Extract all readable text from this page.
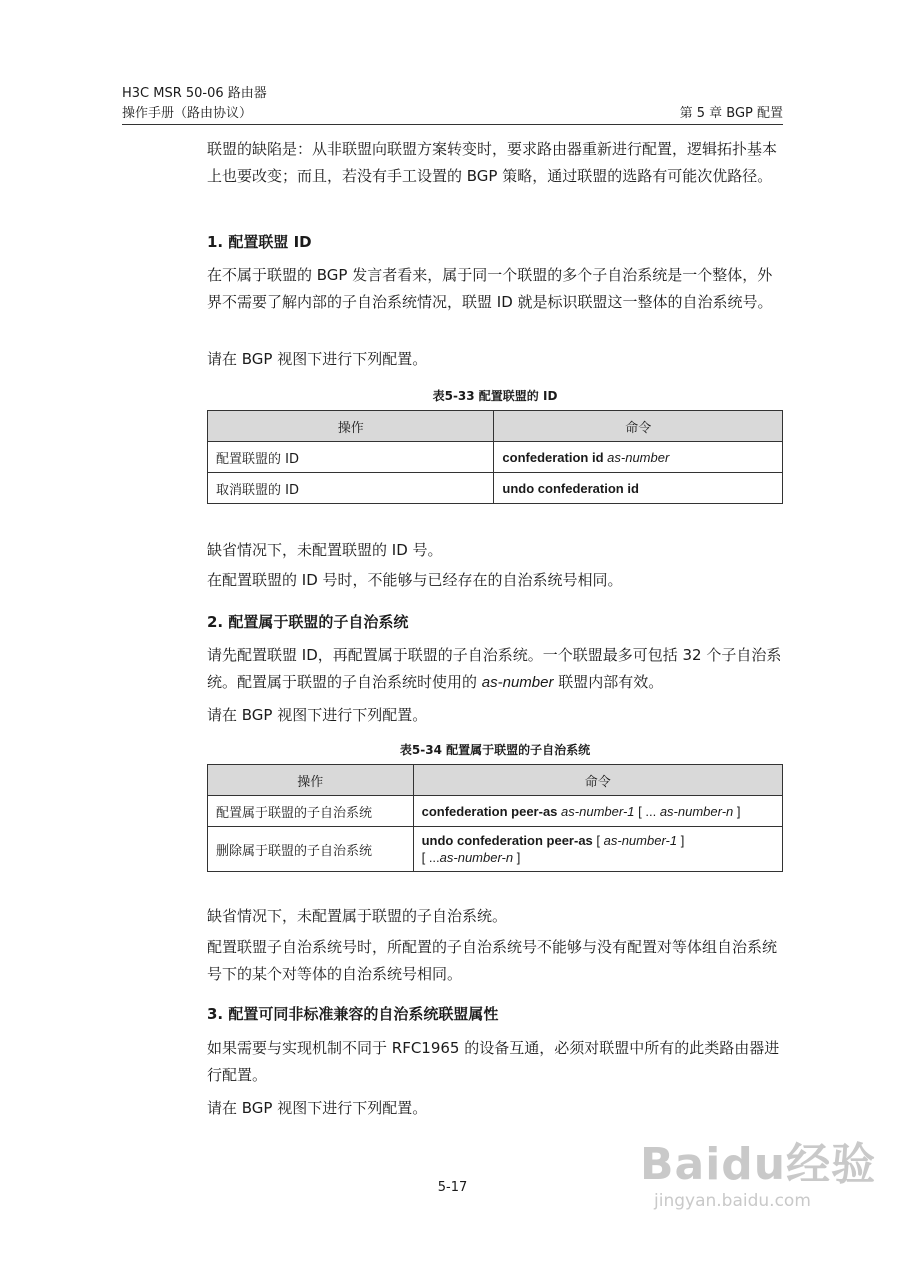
H3C MSR 50-06 路由器
操作手册（路由协议）	第 5 章 BGP 配置

联盟的缺陷是：从非联盟向联盟方案转变时，要求路由器重新进行配置，逻辑拓扑基本上也要改变；而且，若没有手工设置的 BGP 策略，通过联盟的选路有可能次优路径。

1. 配置联盟 ID

在不属于联盟的 BGP 发言者看来，属于同一个联盟的多个子自治系统是一个整体，外界不需要了解内部的子自治系统情况，联盟 ID 就是标识联盟这一整体的自治系统号。

请在 BGP 视图下进行下列配置。

表5-33 配置联盟的 ID
操作	命令
配置联盟的 ID	confederation id as-number
取消联盟的 ID	undo confederation id

缺省情况下，未配置联盟的 ID 号。

在配置联盟的 ID 号时，不能够与已经存在的自治系统号相同。

2. 配置属于联盟的子自治系统

请先配置联盟 ID，再配置属于联盟的子自治系统。一个联盟最多可包括 32 个子自治系统。配置属于联盟的子自治系统时使用的 as-number 联盟内部有效。

请在 BGP 视图下进行下列配置。

表5-34 配置属于联盟的子自治系统
操作	命令
配置属于联盟的子自治系统	confederation peer-as as-number-1 [ ... as-number-n ]
删除属于联盟的子自治系统	undo confederation peer-as [ as-number-1 ]
[ ...as-number-n ]

缺省情况下，未配置属于联盟的子自治系统。

配置联盟子自治系统号时，所配置的子自治系统号不能够与没有配置对等体组自治系统号下的某个对等体的自治系统号相同。

3. 配置可同非标准兼容的自治系统联盟属性

如果需要与实现机制不同于 RFC1965 的设备互通，必须对联盟中所有的此类路由器进行配置。

请在 BGP 视图下进行下列配置。

5-17	Baidu经验
jingyan.baidu.com
